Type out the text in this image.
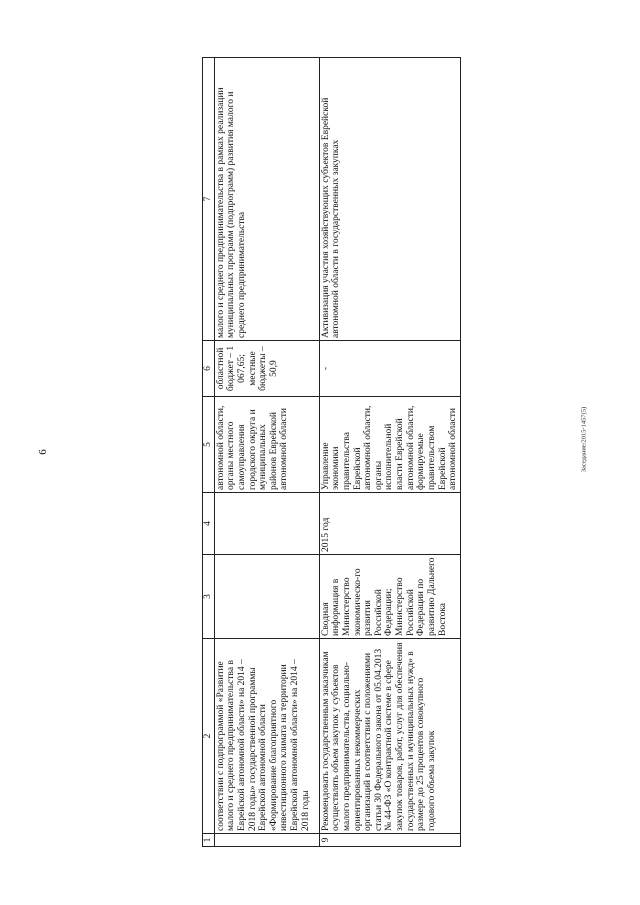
6	Заседание/2015-1457(5)
1	2	3	4	5	6	7
	соответствии с подпрограммой «Развитие малого и среднего предпринимательства в Еврейской автономной области» на 2014 – 2018 годы» государственной программы Еврейской автономной области «Формирование благоприятного инвестиционного климата на территории Еврейской автономной области» на 2014 – 2018 годы			автономной области, органы местного самоуправления городского округа и муниципальных районов Еврейской автономной области	областной бюджет – 1 067,65; местные бюджеты – 50,9	малого и среднего предпринимательства в рамках реализации муниципальных программ (подпрограмм) развития малого и среднего предпринимательства
9	Рекомендовать государственным заказчикам осуществлять объем закупок у субъектов малого предпринимательства, социально-ориентированных некоммерческих организаций в соответствии с положениями статьи 30 Федерального закона от 05.04.2013 № 44-ФЗ «О контрактной системе в сфере закупок товаров, работ, услуг для обеспечения государственных и муниципальных нужд» в размере до 25 процентов совокупного годового объема закупок	Сводная информация в Министерство экономическо-го развития Российской Федерации; Министерство Российской Федерации по развитию Дальнего Востока	2015 год	Управление экономики правительства Еврейской автономной области, органы исполнительной власти Еврейской автономной области, формируемые правительством Еврейской автономной области	-	Активизация участия хозяйствующих субъектов Еврейской автономной области в государственных закупках
